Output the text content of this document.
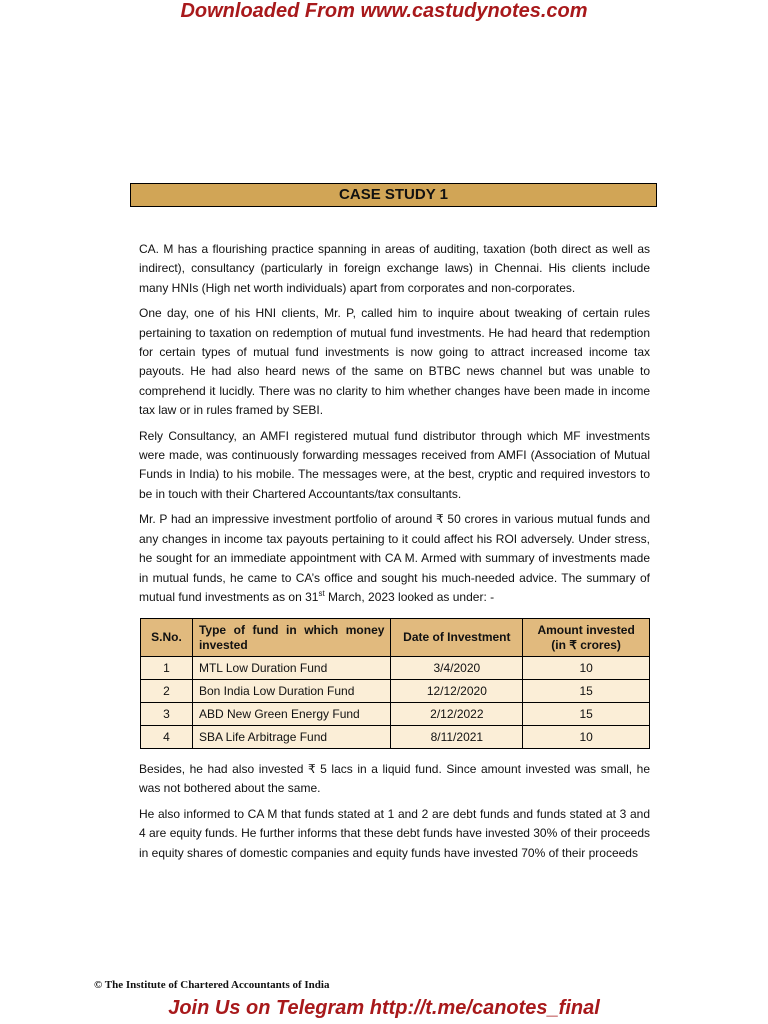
Downloaded From www.castudynotes.com
CASE STUDY 1

CA. M has a flourishing practice spanning in areas of auditing, taxation (both direct as well as indirect), consultancy (particularly in foreign exchange laws) in Chennai. His clients include many HNIs (High net worth individuals) apart from corporates and non-corporates.

One day, one of his HNI clients, Mr. P, called him to inquire about tweaking of certain rules pertaining to taxation on redemption of mutual fund investments. He had heard that redemption for certain types of mutual fund investments is now going to attract increased income tax payouts. He had also heard news of the same on BTBC news channel but was unable to comprehend it lucidly. There was no clarity to him whether changes have been made in income tax law or in rules framed by SEBI.

Rely Consultancy, an AMFI registered mutual fund distributor through which MF investments were made, was continuously forwarding messages received from AMFI (Association of Mutual Funds in India) to his mobile. The messages were, at the best, cryptic and required investors to be in touch with their Chartered Accountants/tax consultants.

Mr. P had an impressive investment portfolio of around ₹ 50 crores in various mutual funds and any changes in income tax payouts pertaining to it could affect his ROI adversely. Under stress, he sought for an immediate appointment with CA M. Armed with summary of investments made in mutual funds, he came to CA’s office and sought his much-needed advice. The summary of mutual fund investments as on 31st March, 2023 looked as under: -

S.No.	Type of fund in which money invested	Date of Investment	Amount invested (in ₹ crores)
1	MTL Low Duration Fund	3/4/2020	10
2	Bon India Low Duration Fund	12/12/2020	15
3	ABD New Green Energy Fund	2/12/2022	15
4	SBA Life Arbitrage Fund	8/11/2021	10

Besides, he had also invested ₹ 5 lacs in a liquid fund. Since amount invested was small, he was not bothered about the same.

He also informed to CA M that funds stated at 1 and 2 are debt funds and funds stated at 3 and 4 are equity funds. He further informs that these debt funds have invested 30% of their proceeds in equity shares of domestic companies and equity funds have invested 70% of their proceeds

© The Institute of Chartered Accountants of India
Join Us on Telegram http://t.me/canotes_final
